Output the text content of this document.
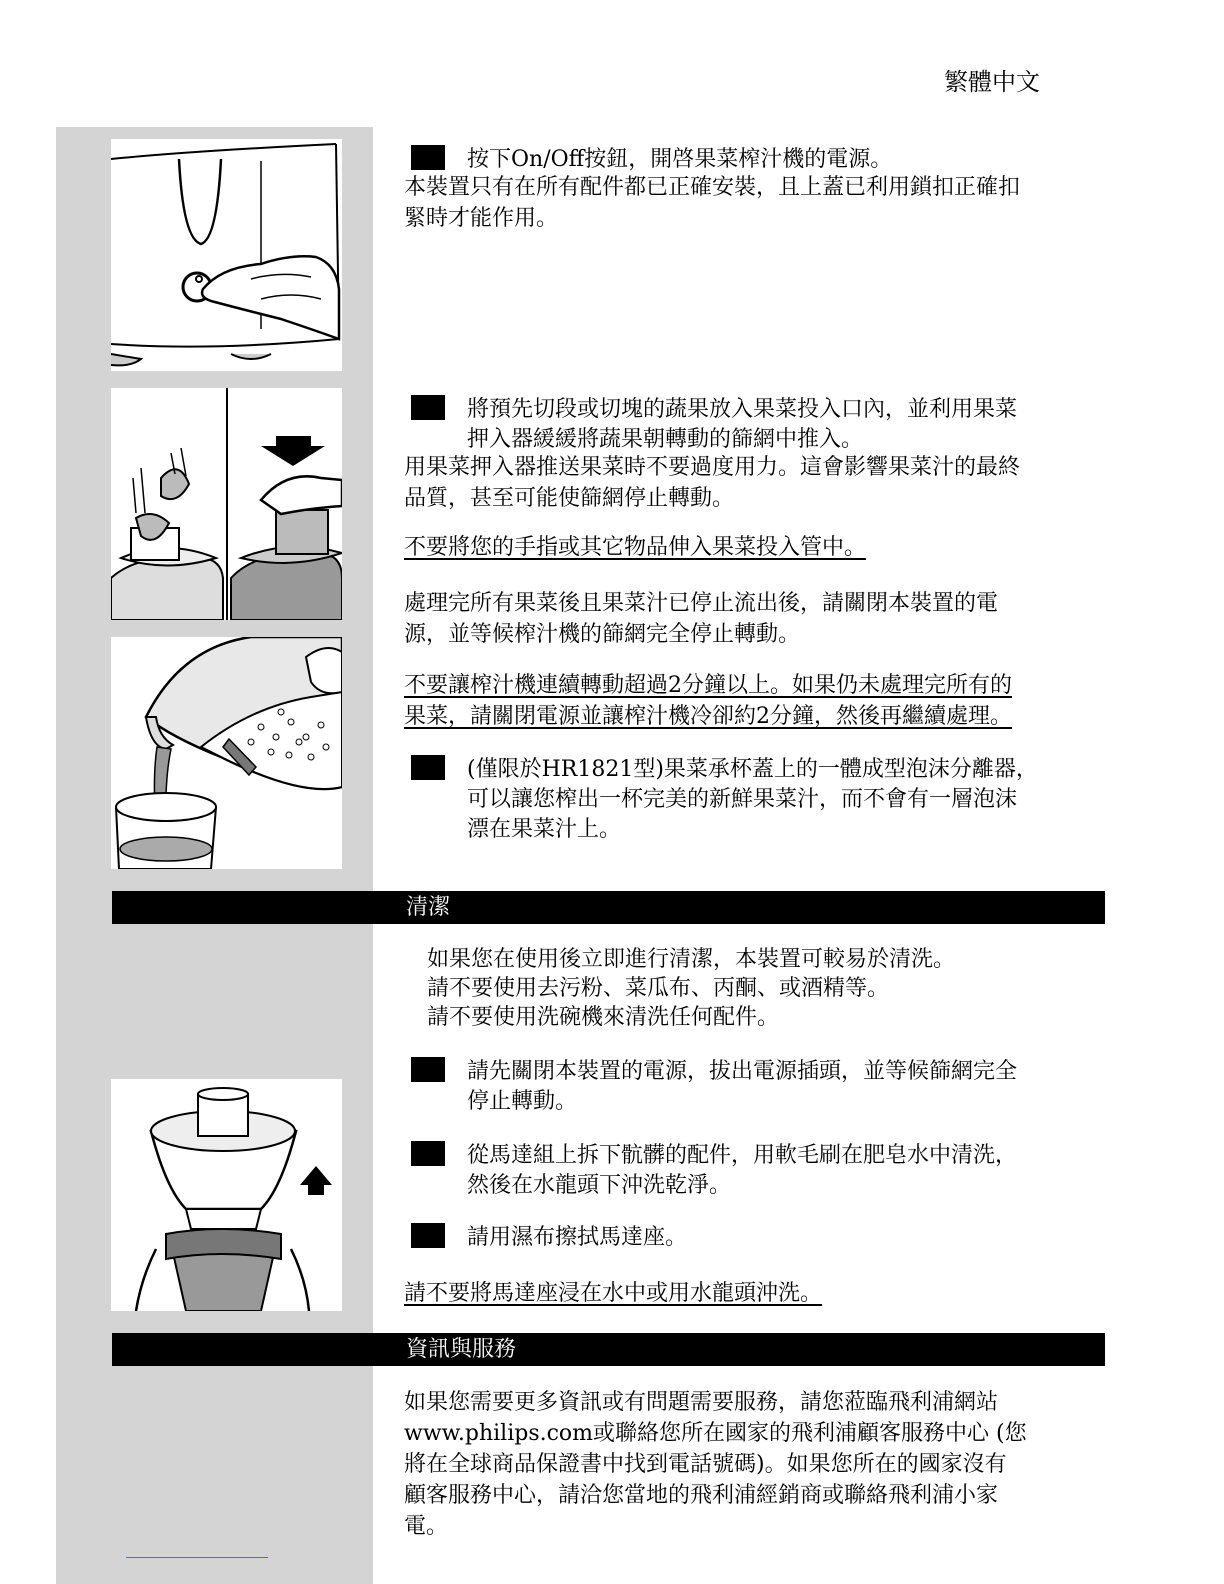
繁體中文

按下On/Off按鈕，開啓果菜榨汁機的電源。

本裝置只有在所有配件都已正確安裝，且上蓋已利用鎖扣正確扣

緊時才能作用。

將預先切段或切塊的蔬果放入果菜投入口內，並利用果菜

押入器緩緩將蔬果朝轉動的篩網中推入。

用果菜押入器推送果菜時不要過度用力。這會影響果菜汁的最終

品質，甚至可能使篩網停止轉動。

不要將您的手指或其它物品伸入果菜投入管中。

處理完所有果菜後且果菜汁已停止流出後，請關閉本裝置的電

源，並等候榨汁機的篩網完全停止轉動。

不要讓榨汁機連續轉動超過2分鐘以上。如果仍未處理完所有的

果菜，請關閉電源並讓榨汁機冷卻約2分鐘，然後再繼續處理。

(僅限於HR1821型)果菜承杯蓋上的一體成型泡沫分離器，

可以讓您榨出一杯完美的新鮮果菜汁，而不會有一層泡沫

漂在果菜汁上。

清潔

如果您在使用後立即進行清潔，本裝置可較易於清洗。

請不要使用去污粉、菜瓜布、丙酮、或酒精等。

請不要使用洗碗機來清洗任何配件。

請先關閉本裝置的電源，拔出電源插頭，並等候篩網完全

停止轉動。

從馬達組上拆下骯髒的配件，用軟毛刷在肥皂水中清洗，

然後在水龍頭下沖洗乾淨。

請用濕布擦拭馬達座。

請不要將馬達座浸在水中或用水龍頭沖洗。
資訊與服務

如果您需要更多資訊或有問題需要服務，請您蒞臨飛利浦網站

www.philips.com或聯絡您所在國家的飛利浦顧客服務中心 (您

將在全球商品保證書中找到電話號碼)。如果您所在的國家沒有

顧客服務中心，請洽您當地的飛利浦經銷商或聯絡飛利浦小家

電。
